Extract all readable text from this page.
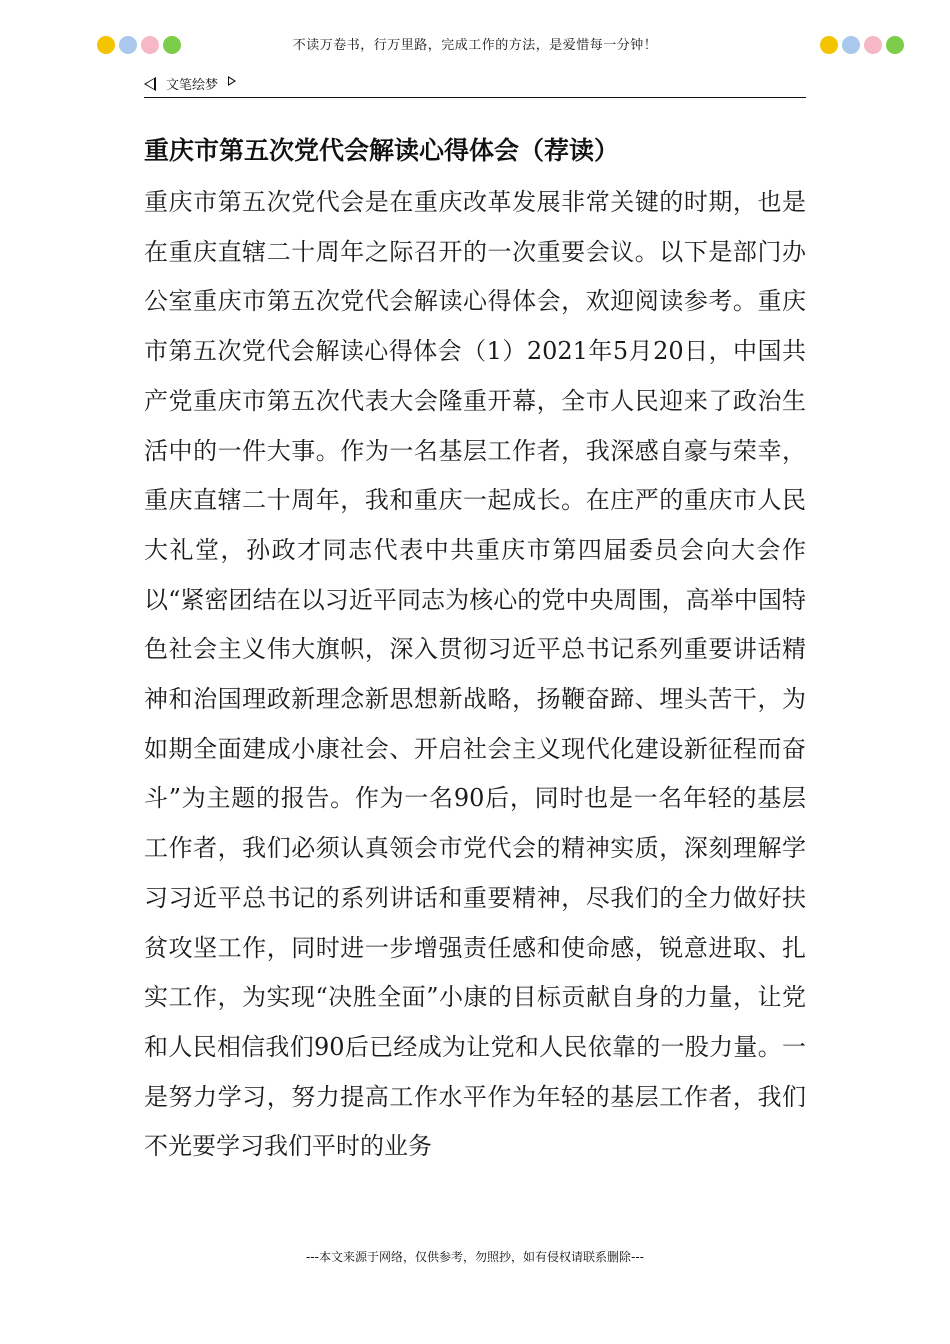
不读万卷书，行万里路，完成工作的方法，是爱惜每一分钟！
文笔绘梦
重庆市第五次党代会解读心得体会（荐读）

重庆市第五次党代会是在重庆改革发展非常关键的时期，也是在重庆直辖二十周年之际召开的一次重要会议。以下是部门办公室重庆市第五次党代会解读心得体会，欢迎阅读参考。重庆市第五次党代会解读心得体会（1）2021年5月20日，中国共产党重庆市第五次代表大会隆重开幕，全市人民迎来了政治生活中的一件大事。作为一名基层工作者，我深感自豪与荣幸，重庆直辖二十周年，我和重庆一起成长。在庄严的重庆市人民大礼堂，孙政才同志代表中共重庆市第四届委员会向大会作以“紧密团结在以习近平同志为核心的党中央周围，高举中国特色社会主义伟大旗帜，深入贯彻习近平总书记系列重要讲话精神和治国理政新理念新思想新战略，扬鞭奋蹄、埋头苦干，为如期全面建成小康社会、开启社会主义现代化建设新征程而奋斗”为主题的报告。作为一名90后，同时也是一名年轻的基层工作者，我们必须认真领会市党代会的精神实质，深刻理解学习习近平总书记的系列讲话和重要精神，尽我们的全力做好扶贫攻坚工作，同时进一步增强责任感和使命感，锐意进取、扎实工作，为实现“决胜全面”小康的目标贡献自身的力量，让党和人民相信我们90后已经成为让党和人民依靠的一股力量。一是努力学习，努力提高工作水平作为年轻的基层工作者，我们不光要学习我们平时的业务

---本文来源于网络，仅供参考，勿照抄，如有侵权请联系删除---
